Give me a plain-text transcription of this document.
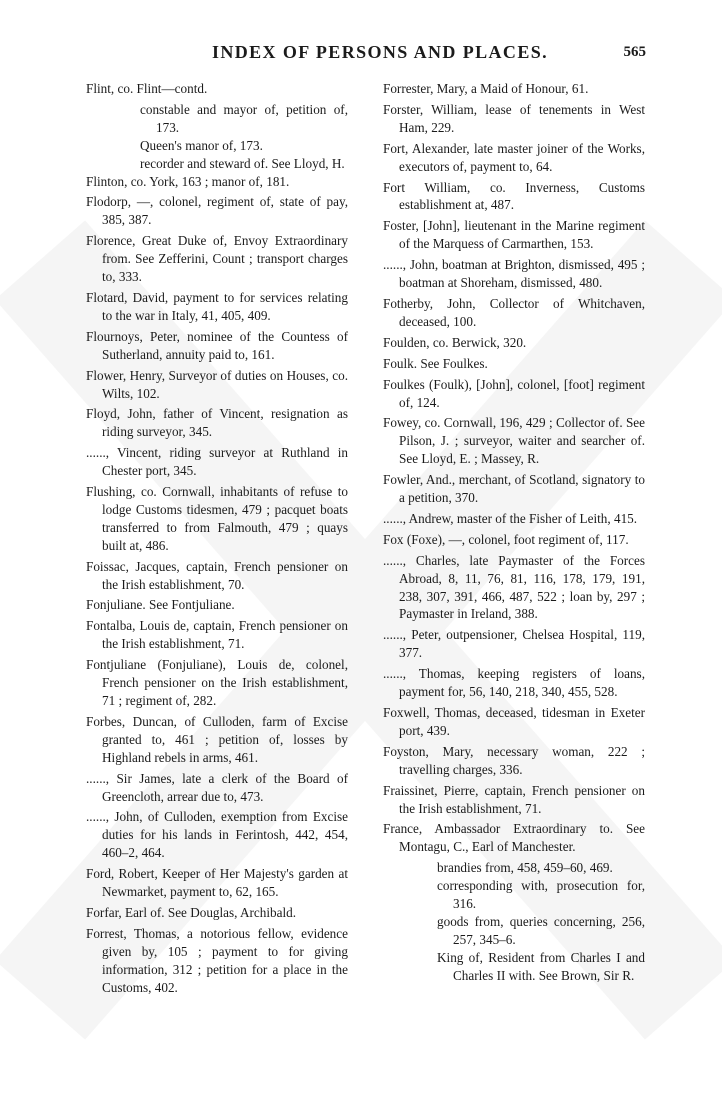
INDEX OF PERSONS AND PLACES.	565

Flint, co. Flint—contd.

constable and mayor of, petition of, 173.

Queen's manor of, 173.

recorder and steward of. See Lloyd, H.

Flinton, co. York, 163 ; manor of, 181.

Flodorp, —, colonel, regiment of, state of pay, 385, 387.

Florence, Great Duke of, Envoy Extraordinary from. See Zefferini, Count ; transport charges to, 333.

Flotard, David, payment to for services relating to the war in Italy, 41, 405, 409.

Flournoys, Peter, nominee of the Countess of Sutherland, annuity paid to, 161.

Flower, Henry, Surveyor of duties on Houses, co. Wilts, 102.

Floyd, John, father of Vincent, resignation as riding surveyor, 345.

......, Vincent, riding surveyor at Ruthland in Chester port, 345.

Flushing, co. Cornwall, inhabitants of refuse to lodge Customs tidesmen, 479 ; pacquet boats transferred to from Falmouth, 479 ; quays built at, 486.

Foissac, Jacques, captain, French pensioner on the Irish establishment, 70.

Fonjuliane. See Fontjuliane.

Fontalba, Louis de, captain, French pensioner on the Irish establishment, 71.

Fontjuliane (Fonjuliane), Louis de, colonel, French pensioner on the Irish establishment, 71 ; regiment of, 282.

Forbes, Duncan, of Culloden, farm of Excise granted to, 461 ; petition of, losses by Highland rebels in arms, 461.

......, Sir James, late a clerk of the Board of Greencloth, arrear due to, 473.

......, John, of Culloden, exemption from Excise duties for his lands in Ferintosh, 442, 454, 460–2, 464.

Ford, Robert, Keeper of Her Majesty's garden at Newmarket, payment to, 62, 165.

Forfar, Earl of. See Douglas, Archibald.

Forrest, Thomas, a notorious fellow, evidence given by, 105 ; payment to for giving information, 312 ; petition for a place in the Customs, 402.

Forrester, Mary, a Maid of Honour, 61.

Forster, William, lease of tenements in West Ham, 229.

Fort, Alexander, late master joiner of the Works, executors of, payment to, 64.

Fort William, co. Inverness, Customs establishment at, 487.

Foster, [John], lieutenant in the Marine regiment of the Marquess of Carmarthen, 153.

......, John, boatman at Brighton, dismissed, 495 ; boatman at Shoreham, dismissed, 480.

Fotherby, John, Collector of Whitchaven, deceased, 100.

Foulden, co. Berwick, 320.

Foulk. See Foulkes.

Foulkes (Foulk), [John], colonel, [foot] regiment of, 124.

Fowey, co. Cornwall, 196, 429 ; Collector of. See Pilson, J. ; surveyor, waiter and searcher of. See Lloyd, E. ; Massey, R.

Fowler, And., merchant, of Scotland, signatory to a petition, 370.

......, Andrew, master of the Fisher of Leith, 415.

Fox (Foxe), —, colonel, foot regiment of, 117.

......, Charles, late Paymaster of the Forces Abroad, 8, 11, 76, 81, 116, 178, 179, 191, 238, 307, 391, 466, 487, 522 ; loan by, 297 ; Paymaster in Ireland, 388.

......, Peter, outpensioner, Chelsea Hospital, 119, 377.

......, Thomas, keeping registers of loans, payment for, 56, 140, 218, 340, 455, 528.

Foxwell, Thomas, deceased, tidesman in Exeter port, 439.

Foyston, Mary, necessary woman, 222 ; travelling charges, 336.

Fraissinet, Pierre, captain, French pensioner on the Irish establishment, 71.

France, Ambassador Extraordinary to. See Montagu, C., Earl of Manchester.

brandies from, 458, 459–60, 469.

corresponding with, prosecution for, 316.

goods from, queries concerning, 256, 257, 345–6.

King of, Resident from Charles I and Charles II with. See Brown, Sir R.
